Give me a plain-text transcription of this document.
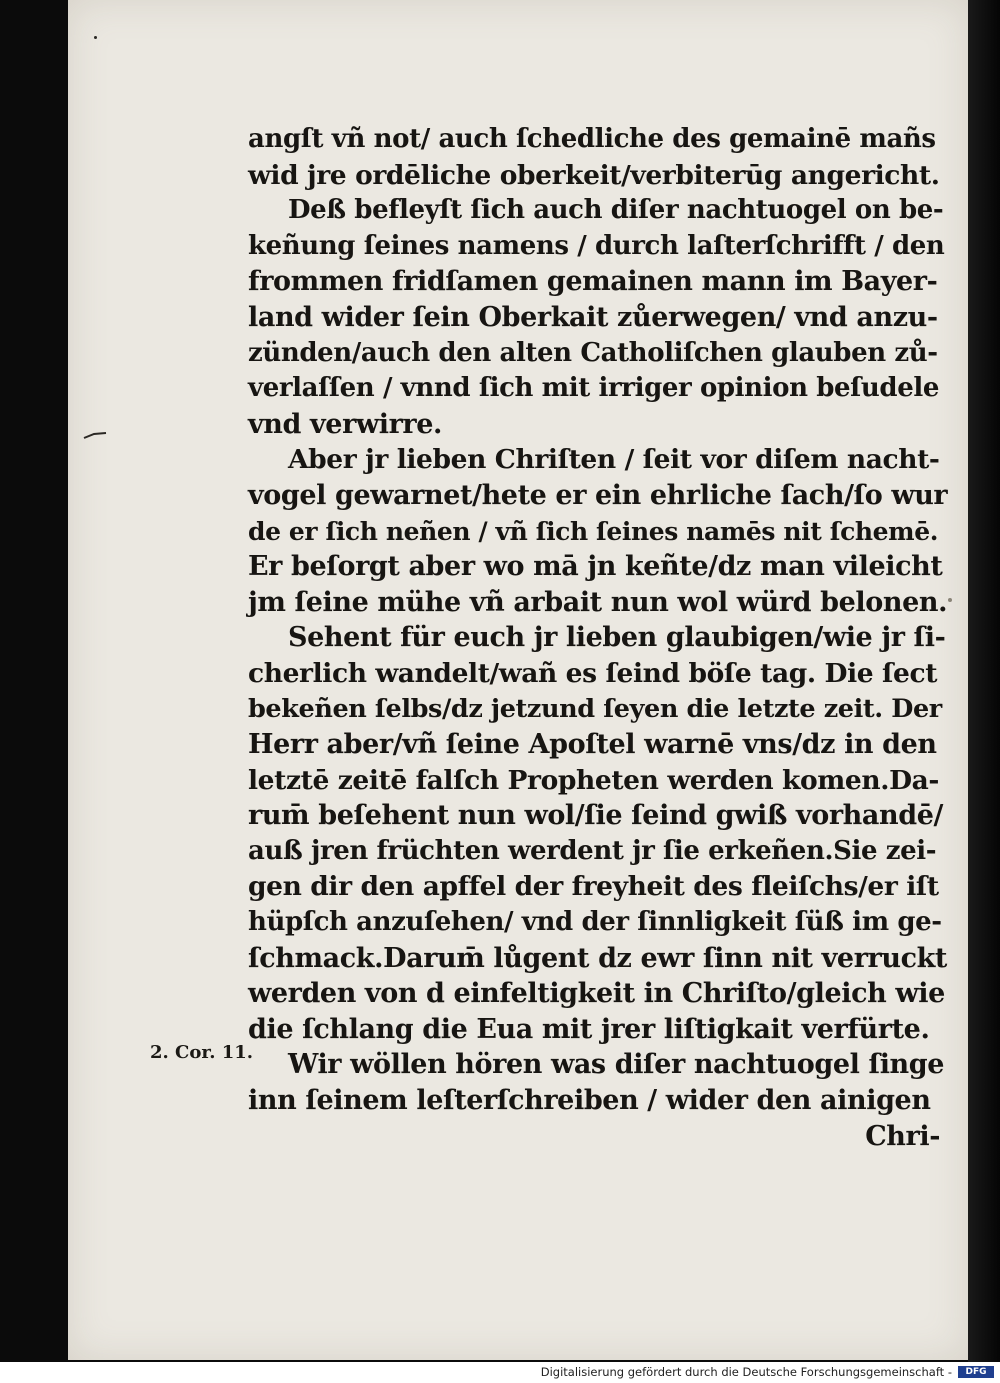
angſt vñ not/ auch ſchedliche des gemainē mañs
wid jre ordēliche oberkeit/verbiterūg angericht.
Deß befleyſt ſich auch diſer nachtuogel on be-
keñung ſeines namens / durch laſterſchrifft / den
frommen fridſamen gemainen mann im Bayer-
land wider ſein Oberkait zůerwegen/ vnd anzu-
zünden/auch den alten Catholiſchen glauben zů-
verlaſſen / vnnd ſich mit irriger opinion beſudele
vnd verwirre.
Aber jr lieben Chriſten / ſeit vor diſem nacht-
vogel gewarnet/hete er ein ehrliche ſach/ſo wur
de er ſich neñen / vñ ſich ſeines namēs nit ſchemē.
Er beſorgt aber wo mā jn keñte/dz man vileicht
jm ſeine mühe vñ arbait nun wol würd belonen.
Sehent für euch jr lieben glaubigen/wie jr ſi-
cherlich wandelt/wañ es ſeind böſe tag. Die ſect
bekeñen ſelbs/dz jetzund ſeyen die letzte zeit. Der
Herr aber/vñ ſeine Apoſtel warnē vns/dz in den
letztē zeitē falſch Propheten werden komen.Da-
rum̄ beſehent nun wol/ſie ſeind gwiß vorhandē/
auß jren früchten werdent jr ſie erkeñen.Sie zei-
gen dir den apffel der freyheit des fleiſchs/er iſt
hüpſch anzuſehen/ vnd der ſinnligkeit ſüß im ge-
ſchmack.Darum̄ lůgent dz ewr ſinn nit verruckt
werden von d einfeltigkeit in Chriſto/gleich wie
die ſchlang die Eua mit jrer liſtigkait verfürte.
Wir wöllen hören was diſer nachtuogel ſinge
inn ſeinem leſterſchreiben / wider den ainigen
Chri-
2. Cor. 11.
Digitalisierung gefördert durch die Deutsche Forschungsgemeinschaft -	DFG
